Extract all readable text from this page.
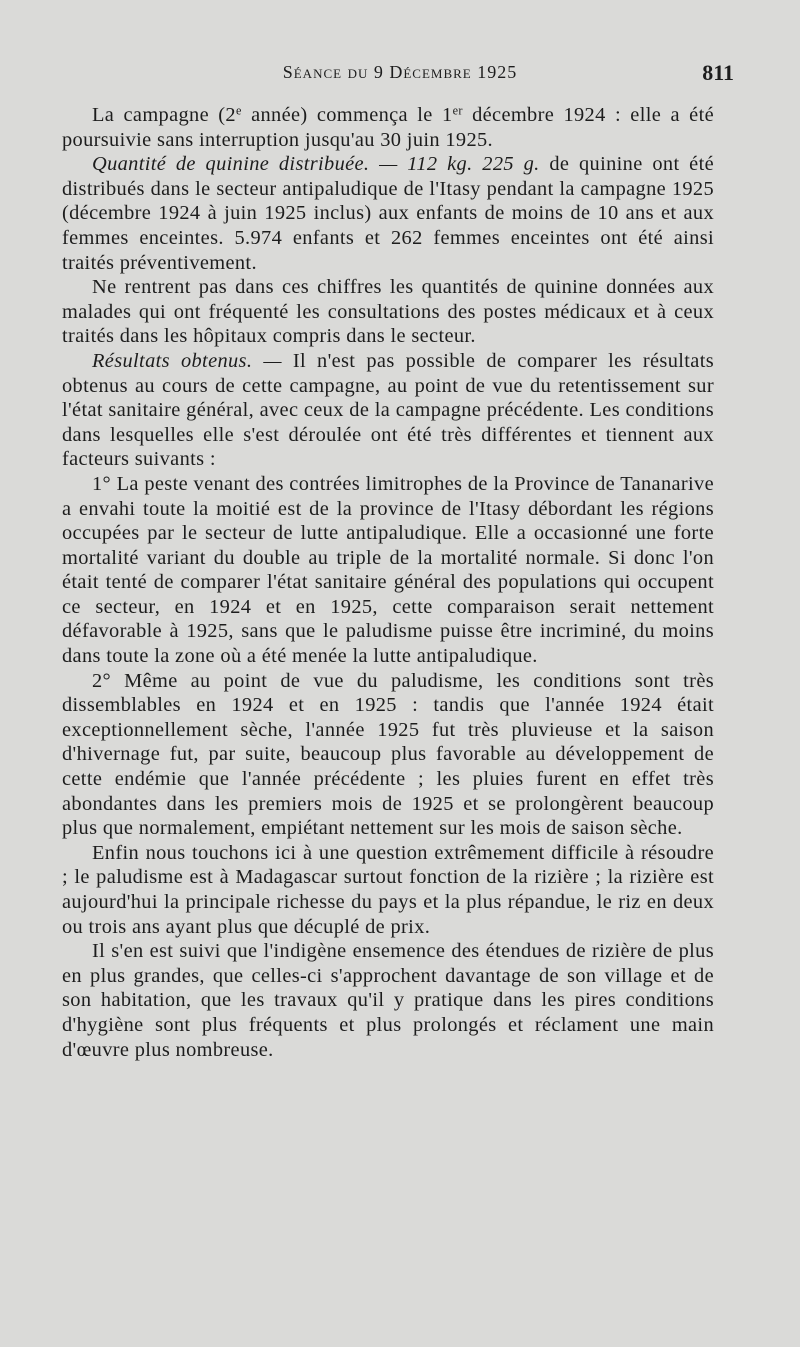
Séance du 9 Décembre 1925	811

La campagne (2e année) commença le 1er décembre 1924 : elle a été poursuivie sans interruption jusqu'au 30 juin 1925.

Quantité de quinine distribuée. — 112 kg. 225 g. de quinine ont été distribués dans le secteur antipaludique de l'Itasy pendant la campagne 1925 (décembre 1924 à juin 1925 inclus) aux enfants de moins de 10 ans et aux femmes enceintes. 5.974 enfants et 262 femmes enceintes ont été ainsi traités préventivement.

Ne rentrent pas dans ces chiffres les quantités de quinine données aux malades qui ont fréquenté les consultations des postes médicaux et à ceux traités dans les hôpitaux compris dans le secteur.

Résultats obtenus. — Il n'est pas possible de comparer les résultats obtenus au cours de cette campagne, au point de vue du retentissement sur l'état sanitaire général, avec ceux de la campagne précédente. Les conditions dans lesquelles elle s'est déroulée ont été très différentes et tiennent aux facteurs suivants :

1° La peste venant des contrées limitrophes de la Province de Tananarive a envahi toute la moitié est de la province de l'Itasy débordant les régions occupées par le secteur de lutte antipaludique. Elle a occasionné une forte mortalité variant du double au triple de la mortalité normale. Si donc l'on était tenté de comparer l'état sanitaire général des populations qui occupent ce secteur, en 1924 et en 1925, cette comparaison serait nettement défavorable à 1925, sans que le paludisme puisse être incriminé, du moins dans toute la zone où a été menée la lutte antipaludique.

2° Même au point de vue du paludisme, les conditions sont très dissemblables en 1924 et en 1925 : tandis que l'année 1924 était exceptionnellement sèche, l'année 1925 fut très pluvieuse et la saison d'hivernage fut, par suite, beaucoup plus favorable au développement de cette endémie que l'année précédente ; les pluies furent en effet très abondantes dans les premiers mois de 1925 et se prolongèrent beaucoup plus que normalement, empiétant nettement sur les mois de saison sèche.

Enfin nous touchons ici à une question extrêmement difficile à résoudre ; le paludisme est à Madagascar surtout fonction de la rizière ; la rizière est aujourd'hui la principale richesse du pays et la plus répandue, le riz en deux ou trois ans ayant plus que décuplé de prix.

Il s'en est suivi que l'indigène ensemence des étendues de rizière de plus en plus grandes, que celles-ci s'approchent davantage de son village et de son habitation, que les travaux qu'il y pratique dans les pires conditions d'hygiène sont plus fréquents et plus prolongés et réclament une main d'œuvre plus nombreuse.
